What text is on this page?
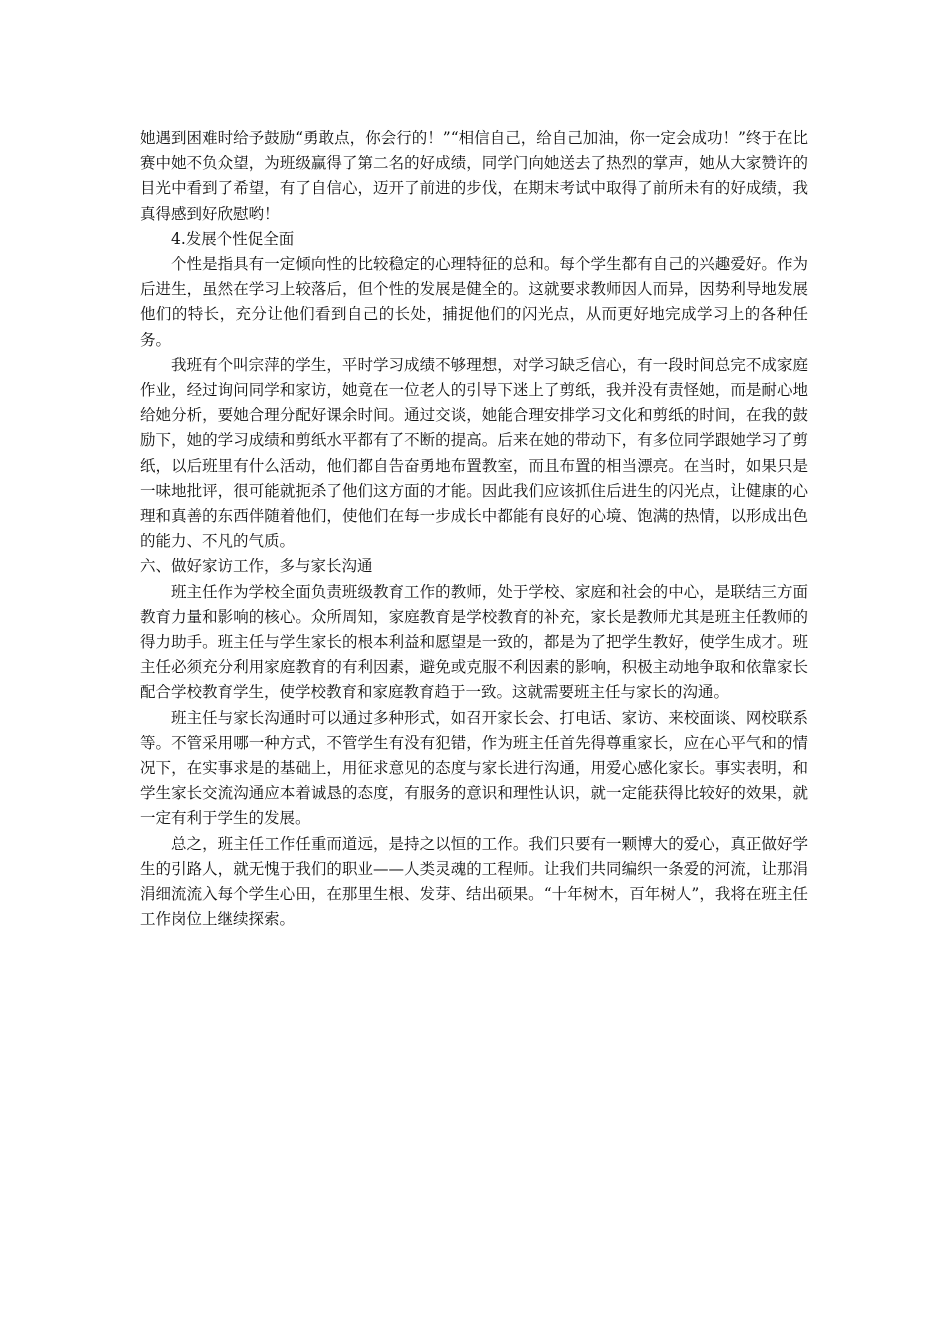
她遇到困难时给予鼓励“勇敢点，你会行的！”“相信自己，给自己加油，你一定会成功！”终于在比赛中她不负众望，为班级赢得了第二名的好成绩，同学门向她送去了热烈的掌声，她从大家赞许的目光中看到了希望，有了自信心，迈开了前进的步伐，在期末考试中取得了前所未有的好成绩，我真得感到好欣慰哟！

4.发展个性促全面

个性是指具有一定倾向性的比较稳定的心理特征的总和。每个学生都有自己的兴趣爱好。作为后进生，虽然在学习上较落后，但个性的发展是健全的。这就要求教师因人而异，因势利导地发展他们的特长，充分让他们看到自己的长处，捕捉他们的闪光点，从而更好地完成学习上的各种任务。

我班有个叫宗萍的学生，平时学习成绩不够理想，对学习缺乏信心，有一段时间总完不成家庭作业，经过询问同学和家访，她竟在一位老人的引导下迷上了剪纸，我并没有责怪她，而是耐心地给她分析，要她合理分配好课余时间。通过交谈，她能合理安排学习文化和剪纸的时间，在我的鼓励下，她的学习成绩和剪纸水平都有了不断的提高。后来在她的带动下，有多位同学跟她学习了剪纸，以后班里有什么活动，他们都自告奋勇地布置教室，而且布置的相当漂亮。在当时，如果只是一味地批评，很可能就扼杀了他们这方面的才能。因此我们应该抓住后进生的闪光点，让健康的心理和真善的东西伴随着他们，使他们在每一步成长中都能有良好的心境、饱满的热情，以形成出色的能力、不凡的气质。

六、做好家访工作，多与家长沟通

班主任作为学校全面负责班级教育工作的教师，处于学校、家庭和社会的中心，是联结三方面教育力量和影响的核心。众所周知，家庭教育是学校教育的补充，家长是教师尤其是班主任教师的得力助手。班主任与学生家长的根本利益和愿望是一致的，都是为了把学生教好，使学生成才。班主任必须充分利用家庭教育的有利因素，避免或克服不利因素的影响，积极主动地争取和依靠家长配合学校教育学生，使学校教育和家庭教育趋于一致。这就需要班主任与家长的沟通。

班主任与家长沟通时可以通过多种形式，如召开家长会、打电话、家访、来校面谈、网校联系等。不管采用哪一种方式，不管学生有没有犯错，作为班主任首先得尊重家长，应在心平气和的情况下，在实事求是的基础上，用征求意见的态度与家长进行沟通，用爱心感化家长。事实表明，和学生家长交流沟通应本着诚恳的态度，有服务的意识和理性认识，就一定能获得比较好的效果，就一定有利于学生的发展。

总之，班主任工作任重而道远，是持之以恒的工作。我们只要有一颗博大的爱心，真正做好学生的引路人，就无愧于我们的职业——人类灵魂的工程师。让我们共同编织一条爱的河流，让那涓涓细流流入每个学生心田，在那里生根、发芽、结出硕果。“十年树木，百年树人”，我将在班主任工作岗位上继续探索。
